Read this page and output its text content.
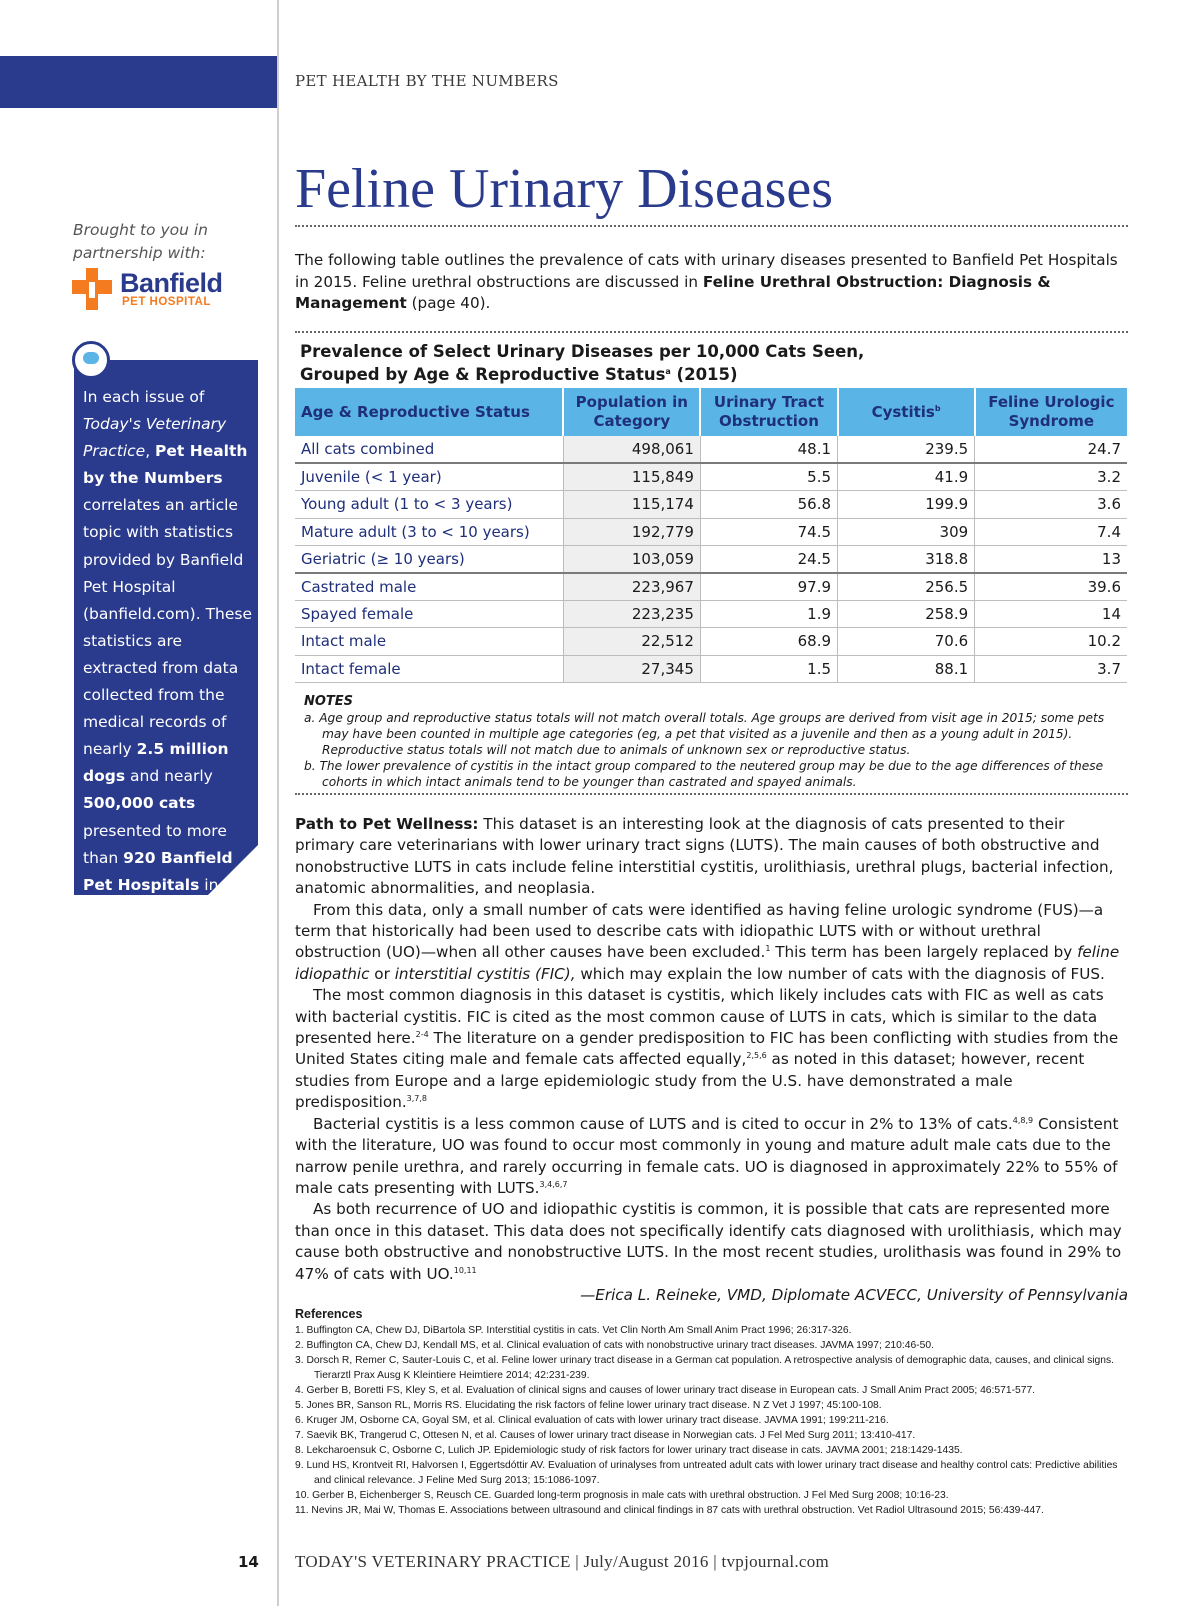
PET HEALTH BY THE NUMBERS
Feline Urinary Diseases
The following table outlines the prevalence of cats with urinary diseases presented to Banfield Pet Hospitals in 2015. Feline urethral obstructions are discussed in Feline Urethral Obstruction: Diagnosis & Management (page 40).
Brought to you in
partnership with:
Banfield
PET HOSPITAL
In each issue of Today's Veterinary Practice, Pet Health by the Numbers correlates an article topic with statistics provided by Banfield Pet Hospital (banfield.com). These statistics are extracted from data collected from the medical records of nearly 2.5 million dogs and nearly 500,000 cats presented to more than 920 Banfield Pet Hospitals in 2015.
Prevalence of Select Urinary Diseases per 10,000 Cats Seen,
Grouped by Age & Reproductive Status$^a$ (2015)
Age & Reproductive Status	Population in Category	Urinary Tract Obstruction	Cystitis$^b$	Feline Urologic Syndrome
All cats combined	498,061	48.1	239.5	24.7
Juvenile (< 1 year)	115,849	5.5	41.9	3.2
Young adult (1 to < 3 years)	115,174	56.8	199.9	3.6
Mature adult (3 to < 10 years)	192,779	74.5	309	7.4
Geriatric (≥ 10 years)	103,059	24.5	318.8	13
Castrated male	223,967	97.9	256.5	39.6
Spayed female	223,235	1.9	258.9	14
Intact male	22,512	68.9	70.6	10.2
Intact female	27,345	1.5	88.1	3.7
NOTES
a. Age group and reproductive status totals will not match overall totals. Age groups are derived from visit age in 2015; some pets may have been counted in multiple age categories (eg, a pet that visited as a juvenile and then as a young adult in 2015). Reproductive status totals will not match due to animals of unknown sex or reproductive status.
b. The lower prevalence of cystitis in the intact group compared to the neutered group may be due to the age differences of these cohorts in which intact animals tend to be younger than castrated and spayed animals.

Path to Pet Wellness: This dataset is an interesting look at the diagnosis of cats presented to their primary care veterinarians with lower urinary tract signs (LUTS). The main causes of both obstructive and nonobstructive LUTS in cats include feline interstitial cystitis, urolithiasis, urethral plugs, bacterial infection, anatomic abnormalities, and neoplasia.

From this data, only a small number of cats were identified as having feline urologic syndrome (FUS)—a term that historically had been used to describe cats with idiopathic LUTS with or without urethral obstruction (UO)—when all other causes have been excluded.$^1$ This term has been largely replaced by feline idiopathic or interstitial cystitis (FIC), which may explain the low number of cats with the diagnosis of FUS.

The most common diagnosis in this dataset is cystitis, which likely includes cats with FIC as well as cats with bacterial cystitis. FIC is cited as the most common cause of LUTS in cats, which is similar to the data presented here.$^{2-4}$ The literature on a gender predisposition to FIC has been conflicting with studies from the United States citing male and female cats affected equally,$^{2,5,6}$ as noted in this dataset; however, recent studies from Europe and a large epidemiologic study from the U.S. have demonstrated a male predisposition.$^{3,7,8}$

Bacterial cystitis is a less common cause of LUTS and is cited to occur in 2% to 13% of cats.$^{4,8,9}$ Consistent with the literature, UO was found to occur most commonly in young and mature adult male cats due to the narrow penile urethra, and rarely occurring in female cats. UO is diagnosed in approximately 22% to 55% of male cats presenting with LUTS.$^{3,4,6,7}$

As both recurrence of UO and idiopathic cystitis is common, it is possible that cats are represented more than once in this dataset. This data does not specifically identify cats diagnosed with urolithiasis, which may cause both obstructive and nonobstructive LUTS. In the most recent studies, urolithasis was found in 29% to 47% of cats with UO.$^{10,11}$

—Erica L. Reineke, VMD, Diplomate ACVECC, University of Pennsylvania

References
1. Buffington CA, Chew DJ, DiBartola SP. Interstitial cystitis in cats. Vet Clin North Am Small Anim Pract 1996; 26:317-326.
2. Buffington CA, Chew DJ, Kendall MS, et al. Clinical evaluation of cats with nonobstructive urinary tract diseases. JAVMA 1997; 210:46-50.
3. Dorsch R, Remer C, Sauter-Louis C, et al. Feline lower urinary tract disease in a German cat population. A retrospective analysis of demographic data, causes, and clinical signs. Tierarztl Prax Ausg K Kleintiere Heimtiere 2014; 42:231-239.
4. Gerber B, Boretti FS, Kley S, et al. Evaluation of clinical signs and causes of lower urinary tract disease in European cats. J Small Anim Pract 2005; 46:571-577.
5. Jones BR, Sanson RL, Morris RS. Elucidating the risk factors of feline lower urinary tract disease. N Z Vet J 1997; 45:100-108.
6. Kruger JM, Osborne CA, Goyal SM, et al. Clinical evaluation of cats with lower urinary tract disease. JAVMA 1991; 199:211-216.
7. Saevik BK, Trangerud C, Ottesen N, et al. Causes of lower urinary tract disease in Norwegian cats. J Fel Med Surg 2011; 13:410-417.
8. Lekcharoensuk C, Osborne C, Lulich JP. Epidemiologic study of risk factors for lower urinary tract disease in cats. JAVMA 2001; 218:1429-1435.
9. Lund HS, Krontveit RI, Halvorsen I, Eggertsdóttir AV. Evaluation of urinalyses from untreated adult cats with lower urinary tract disease and healthy control cats: Predictive abilities and clinical relevance. J Feline Med Surg 2013; 15:1086-1097.
10. Gerber B, Eichenberger S, Reusch CE. Guarded long-term prognosis in male cats with urethral obstruction. J Fel Med Surg 2008; 10:16-23.
11. Nevins JR, Mai W, Thomas E. Associations between ultrasound and clinical findings in 87 cats with urethral obstruction. Vet Radiol Ultrasound 2015; 56:439-447.
14 TODAY'S VETERINARY PRACTICE | July/August 2016 | tvpjournal.com
